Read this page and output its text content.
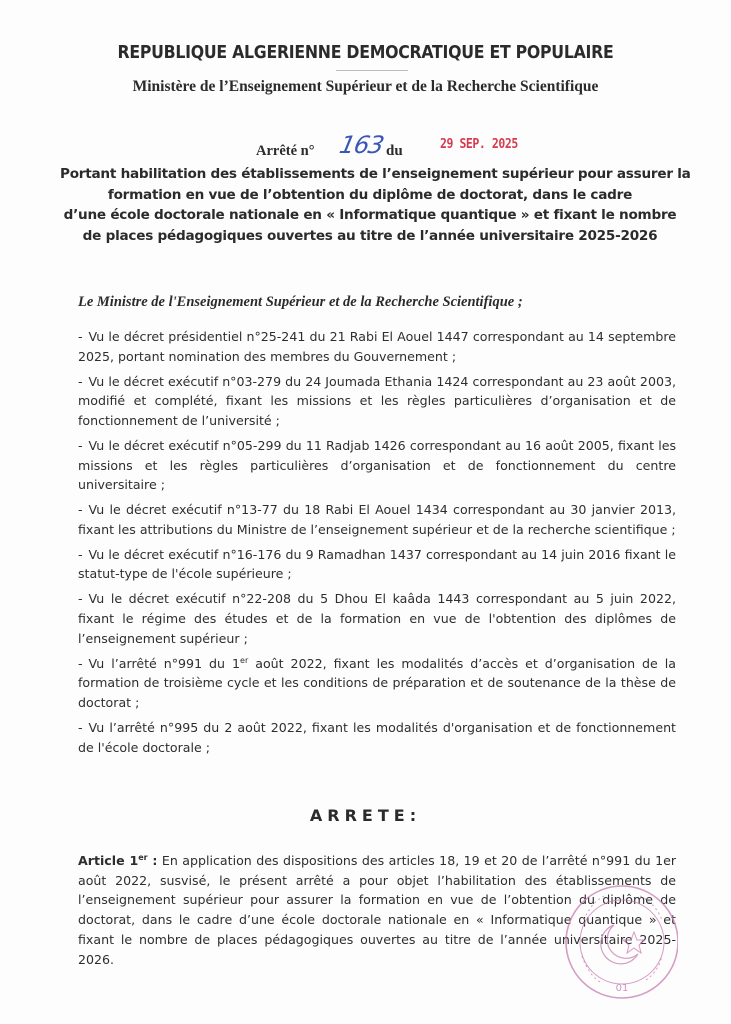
REPUBLIQUE ALGERIENNE DEMOCRATIQUE ET POPULAIRE
Ministère de l’Enseignement Supérieur et de la Recherche Scientifique
Arrêté n° 163 du	29 SEP. 2025
Portant habilitation des établissements de l’enseignement supérieur pour assurer la
formation en vue de l’obtention du diplôme de doctorat, dans le cadre
d’une école doctorale nationale en « Informatique quantique » et fixant le nombre
de places pédagogiques ouvertes au titre de l’année universitaire 2025-2026
Le Ministre de l'Enseignement Supérieur et de la Recherche Scientifique ;

- Vu le décret présidentiel n°25-241 du 21 Rabi El Aouel 1447 correspondant au 14 septembre 2025, portant nomination des membres du Gouvernement ;

- Vu le décret exécutif n°03-279 du 24 Joumada Ethania 1424 correspondant au 23 août 2003, modifié et complété, fixant les missions et les règles particulières d’organisation et de fonctionnement de l’université ;

- Vu le décret exécutif n°05-299 du 11 Radjab 1426 correspondant au 16 août 2005, fixant les missions et les règles particulières d’organisation et de fonctionnement du centre universitaire ;

- Vu le décret exécutif n°13-77 du 18 Rabi El Aouel 1434 correspondant au 30 janvier 2013, fixant les attributions du Ministre de l’enseignement supérieur et de la recherche scientifique ;

- Vu le décret exécutif n°16-176 du 9 Ramadhan 1437 correspondant au 14 juin 2016 fixant le statut-type de l'école supérieure ;

- Vu le décret exécutif n°22-208 du 5 Dhou El kaâda 1443 correspondant au 5 juin 2022, fixant le régime des études et de la formation en vue de l'obtention des diplômes de l’enseignement supérieur ;

- Vu l’arrêté n°991 du 1er août 2022, fixant les modalités d’accès et d’organisation de la formation de troisième cycle et les conditions de préparation et de soutenance de la thèse de doctorat ;

- Vu l’arrêté n°995 du 2 août 2022, fixant les modalités d'organisation et de fonctionnement de l'école doctorale ;

ARRETE:
Article 1er : En application des dispositions des articles 18, 19 et 20 de l’arrêté n°991 du 1er août 2022, susvisé, le présent arrêté a pour objet l’habilitation des établissements de l’enseignement supérieur pour assurer la formation en vue de l’obtention du diplôme de doctorat, dans le cadre d’une école doctorale nationale en « Informatique quantique » et fixant le nombre de places pédagogiques ouvertes au titre de l’année universitaire 2025-2026.
01
